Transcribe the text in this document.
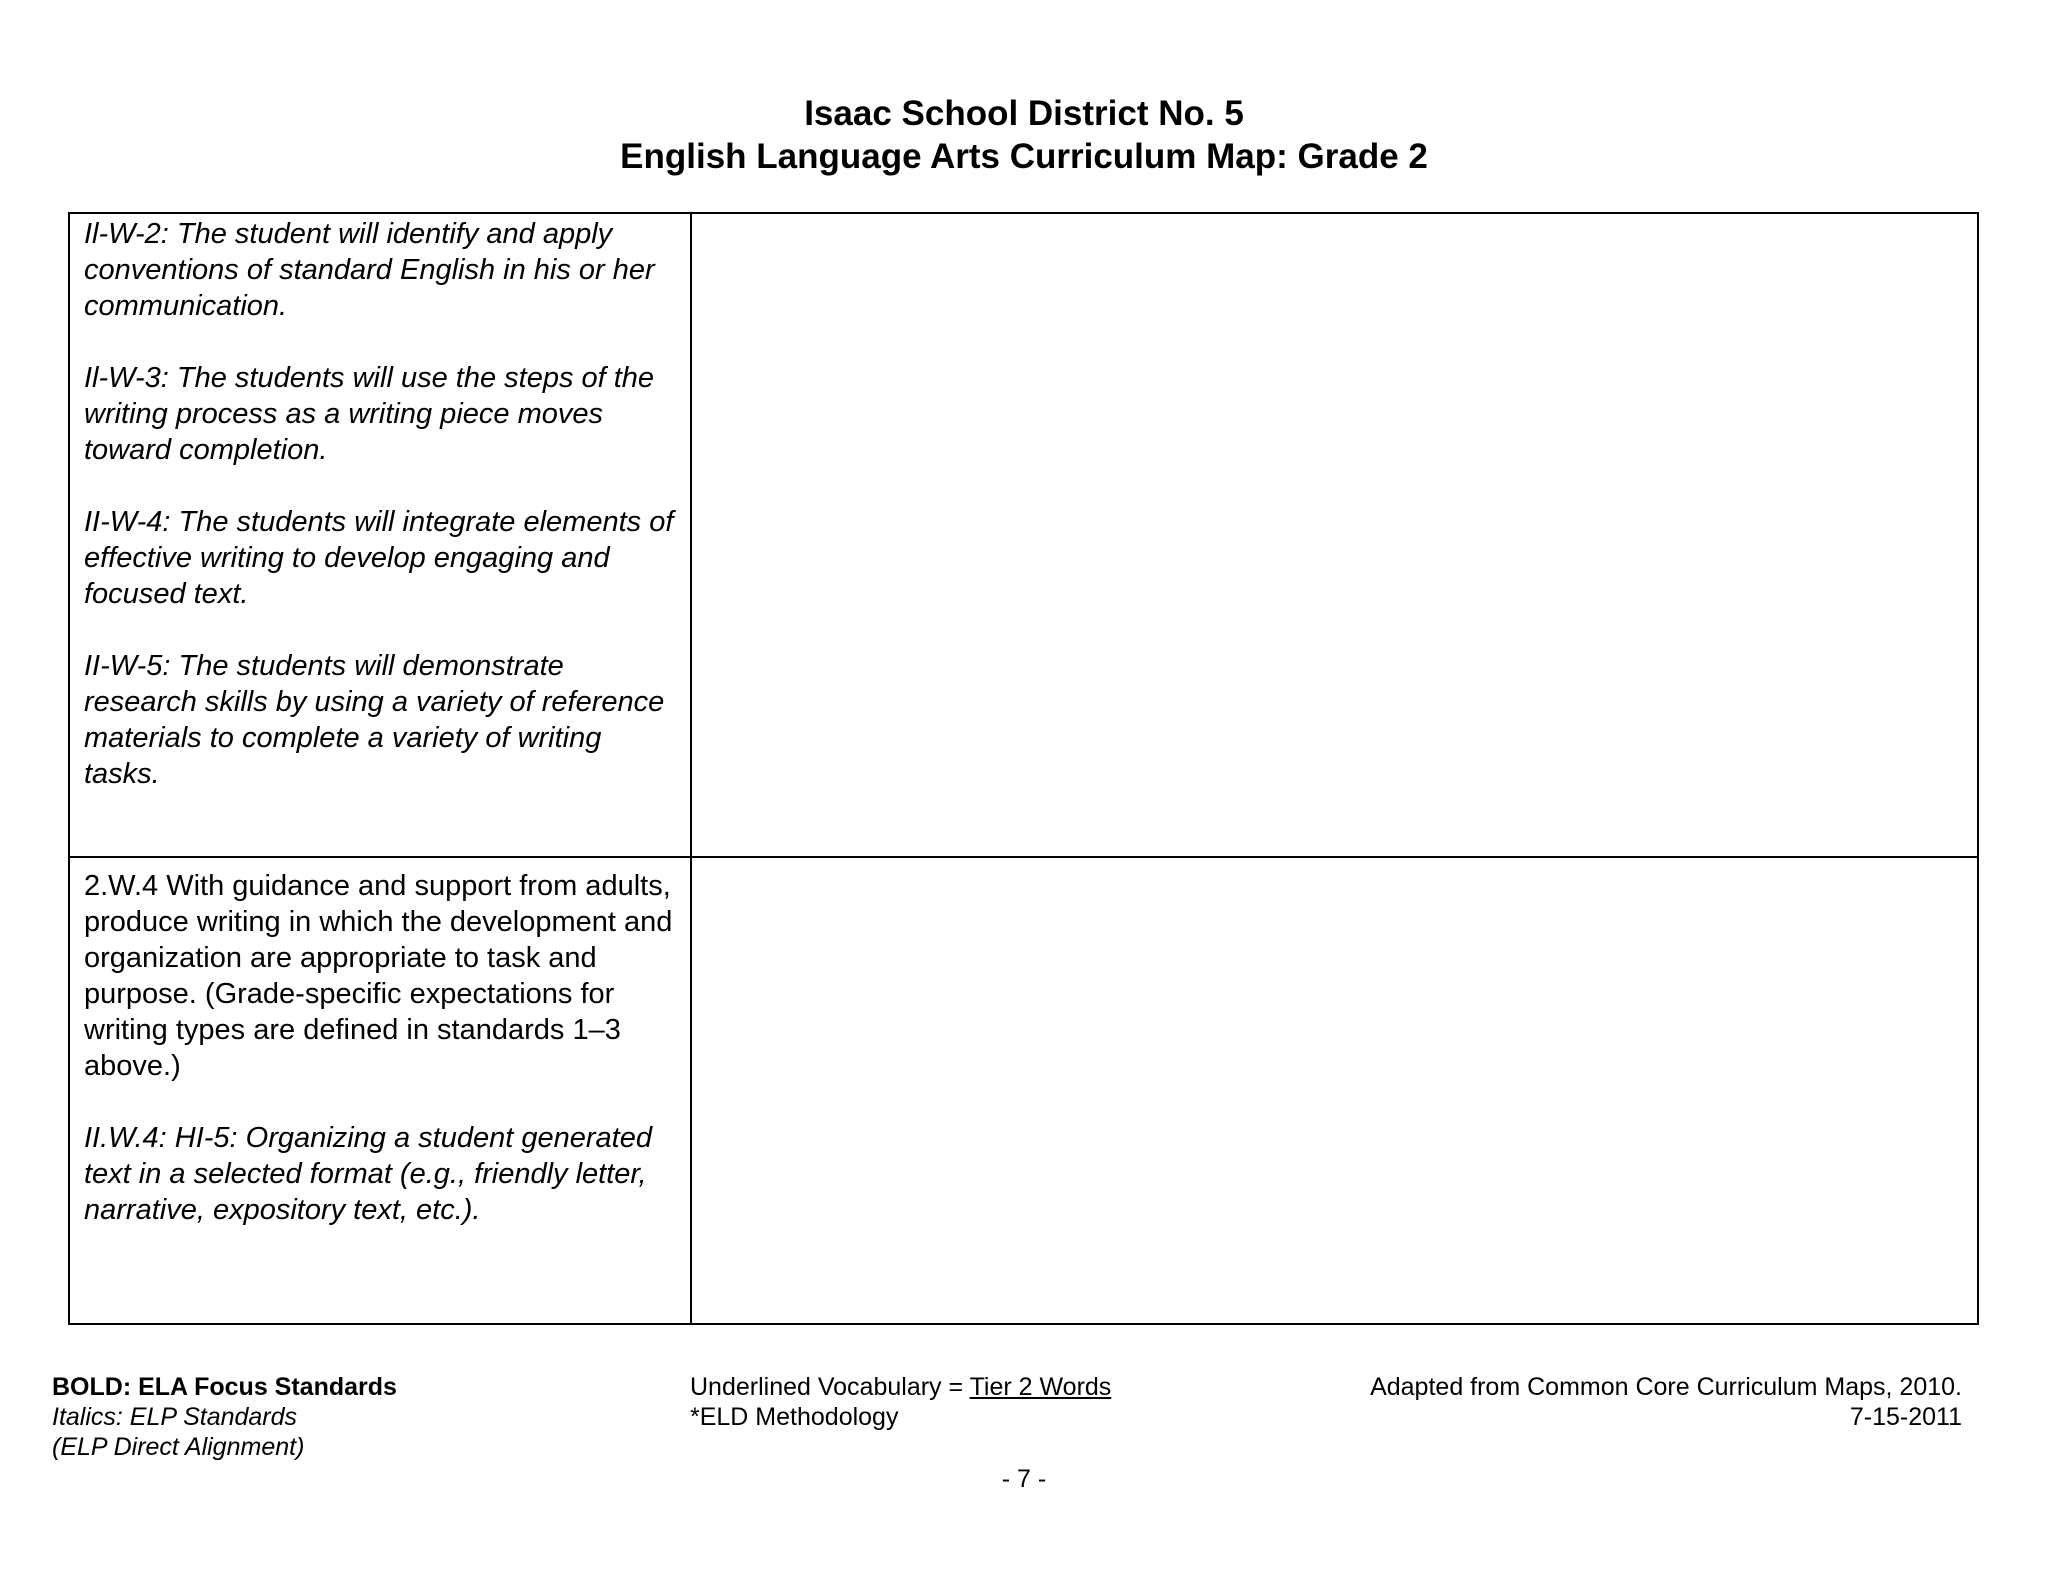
Isaac School District No. 5
English Language Arts Curriculum Map: Grade 2

Il-W-2: The student will identify and apply conventions of standard English in his or her communication.

Il-W-3: The students will use the steps of the writing process as a writing piece moves toward completion.

II-W-4: The students will integrate elements of effective writing to develop engaging and focused text.

II-W-5: The students will demonstrate research skills by using a variety of reference materials to complete a variety of writing tasks.	

2.W.4 With guidance and support from adults, produce writing in which the development and organization are appropriate to task and purpose. (Grade-specific expectations for writing types are defined in standards 1–3 above.)

II.W.4: HI-5: Organizing a student generated text in a selected format (e.g., friendly letter, narrative, expository text, etc.).	

BOLD: ELA Focus Standards
Italics: ELP Standards
(ELP Direct Alignment)
Underlined Vocabulary = Tier 2 Words
*ELD Methodology
Adapted from Common Core Curriculum Maps, 2010.
7-15-2011
- 7 -
